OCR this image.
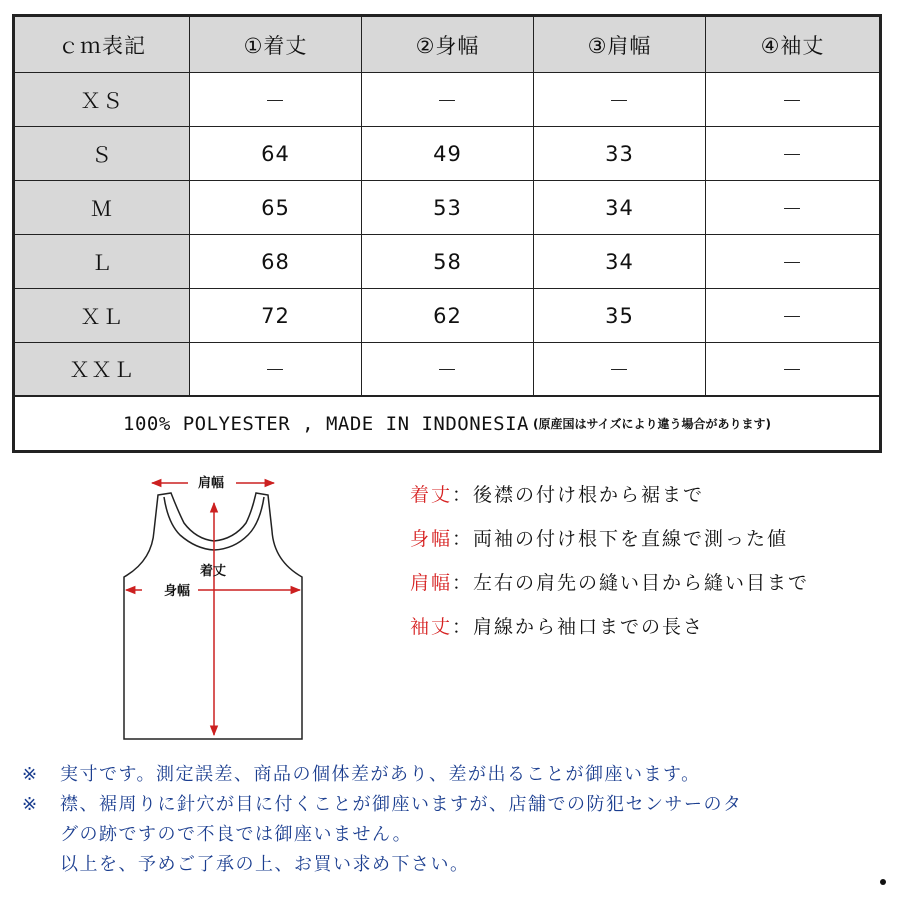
ｃｍ表記	①着丈	②身幅	③肩幅	④袖丈
ＸＳ	－	－	－	－
Ｓ	64	49	33	－
Ｍ	65	53	34	－
Ｌ	68	58	34	－
ＸＬ	72	62	35	－
ＸＸＬ	－	－	－	－
100% POLYESTER , MADE IN INDONESIA (原産国はサイズにより違う場合があります)
肩幅
着丈
身幅
着丈：後襟の付け根から裾まで
身幅：両袖の付け根下を直線で測った値
肩幅：左右の肩先の縫い目から縫い目まで
袖丈：肩線から袖口までの長さ
※ 実寸です。測定誤差、商品の個体差があり、差が出ることが御座います。
※ 襟、裾周りに針穴が目に付くことが御座いますが、店舗での防犯センサーのタ
グの跡ですので不良では御座いません。
以上を、予めご了承の上、お買い求め下さい。
